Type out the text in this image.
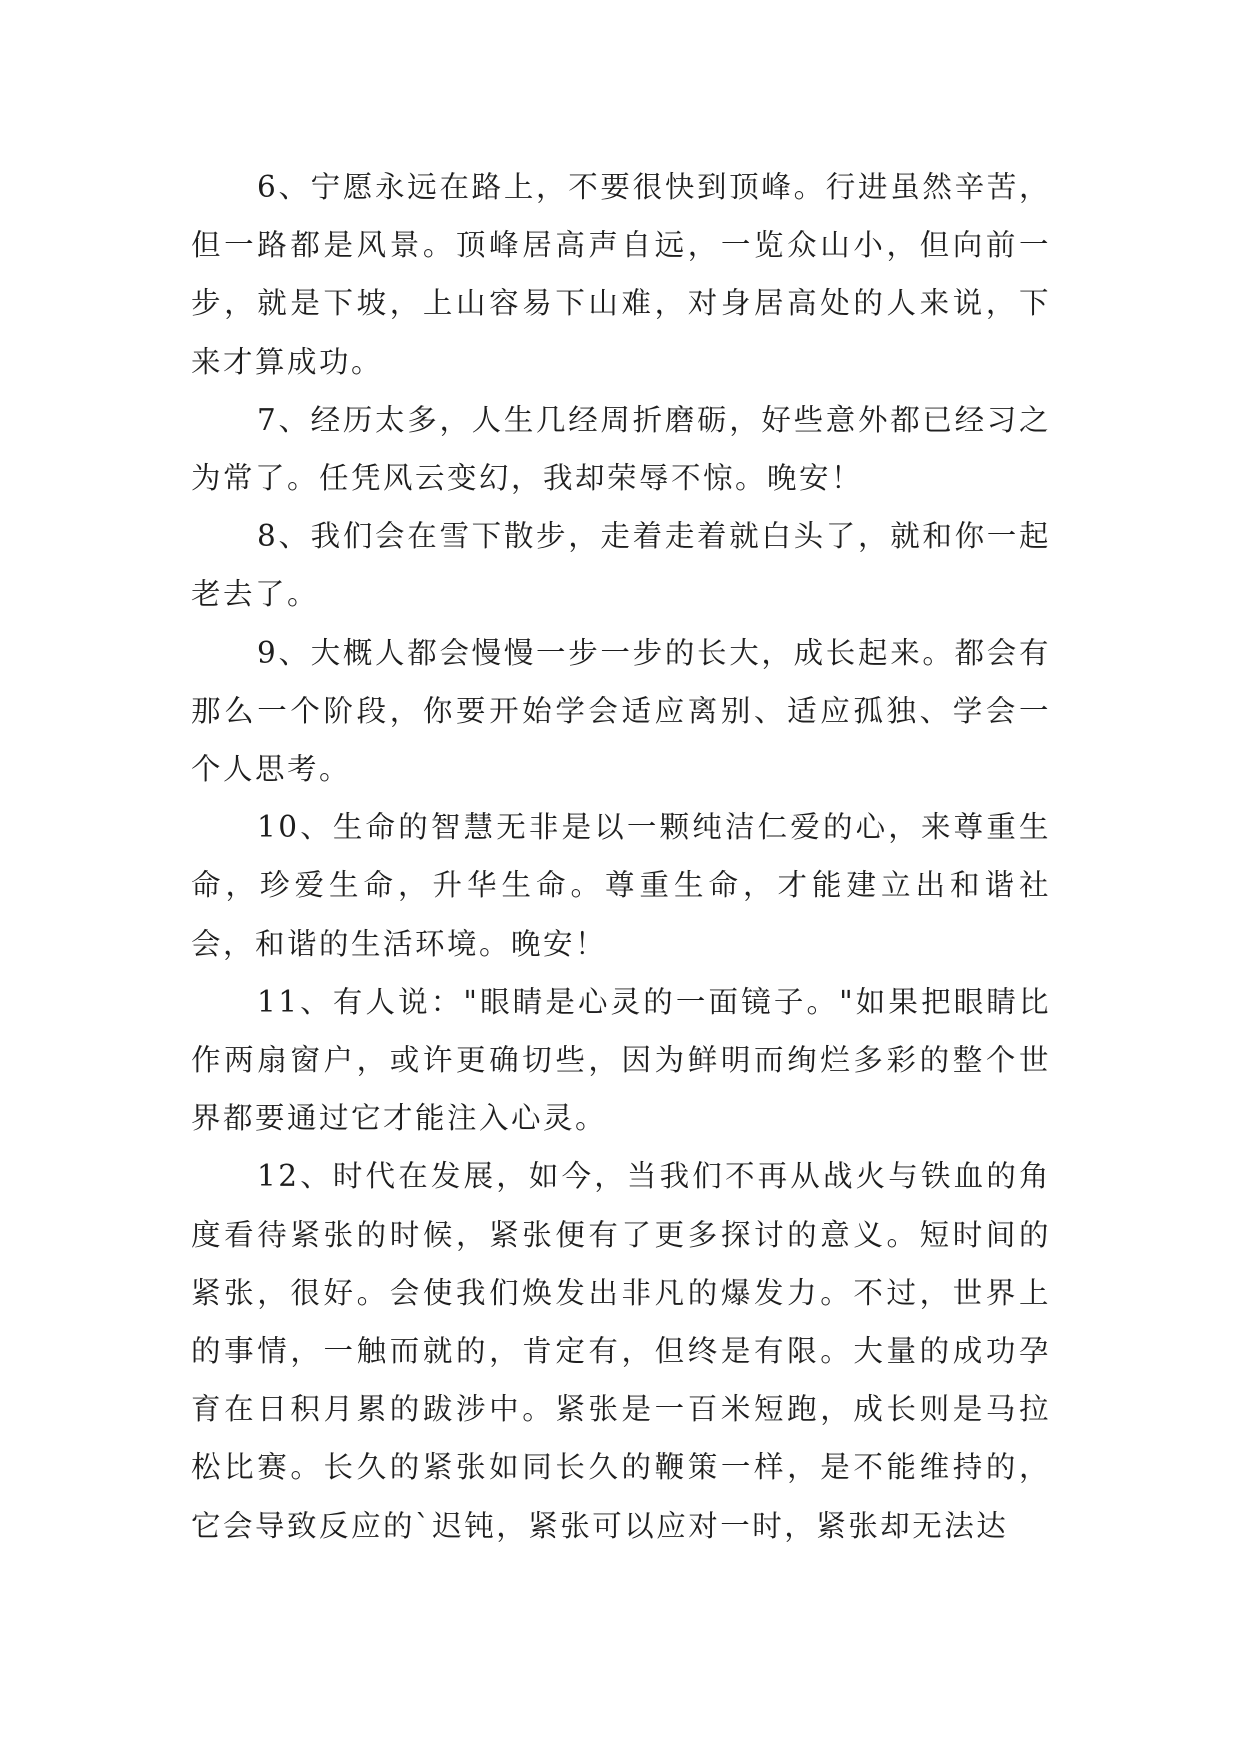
6、宁愿永远在路上，不要很快到顶峰。行进虽然辛苦，但一路都是风景。顶峰居高声自远，一览众山小，但向前一步，就是下坡，上山容易下山难，对身居高处的人来说，下来才算成功。

7、经历太多，人生几经周折磨砺，好些意外都已经习之为常了。任凭风云变幻，我却荣辱不惊。晚安！

8、我们会在雪下散步，走着走着就白头了，就和你一起老去了。

9、大概人都会慢慢一步一步的长大，成长起来。都会有那么一个阶段，你要开始学会适应离别、适应孤独、学会一个人思考。

10、生命的智慧无非是以一颗纯洁仁爱的心，来尊重生命，珍爱生命，升华生命。尊重生命，才能建立出和谐社会，和谐的生活环境。晚安！

11、有人说："眼睛是心灵的一面镜子。"如果把眼睛比作两扇窗户，或许更确切些，因为鲜明而绚烂多彩的整个世界都要通过它才能注入心灵。

12、时代在发展，如今，当我们不再从战火与铁血的角度看待紧张的时候，紧张便有了更多探讨的意义。短时间的紧张，很好。会使我们焕发出非凡的爆发力。不过，世界上的事情，一触而就的，肯定有，但终是有限。大量的成功孕育在日积月累的跋涉中。紧张是一百米短跑，成长则是马拉松比赛。长久的紧张如同长久的鞭策一样，是不能维持的，它会导致反应的`迟钝，紧张可以应对一时，紧张却无法达
